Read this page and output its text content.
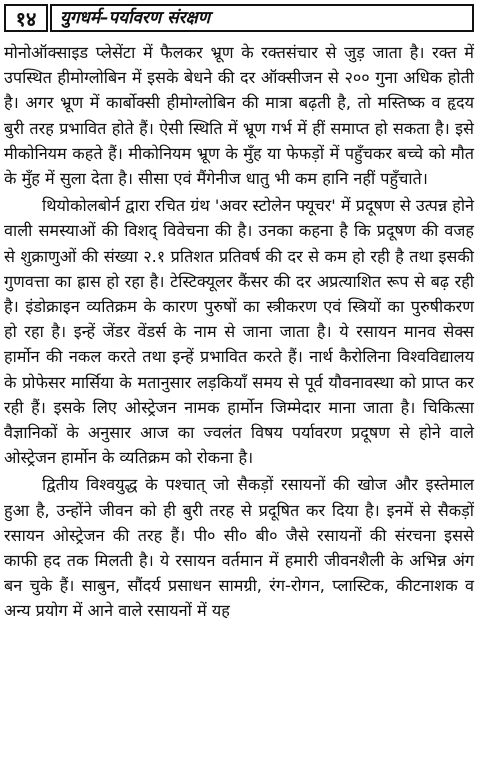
१४	युगधर्म–पर्यावरण संरक्षण

मोनोऑक्साइड प्लेसेंटा में फैलकर भ्रूण के रक्तसंचार से जुड़ जाता है। रक्त में उपस्थित हीमोग्लोबिन में इसके बेधने की दर ऑक्सीजन से २०० गुना अधिक होती है। अगर भ्रूण में कार्बोक्सी हीमोग्लोबिन की मात्रा बढ़ती है, तो मस्तिष्क व हृदय बुरी तरह प्रभावित होते हैं। ऐसी स्थिति में भ्रूण गर्भ में हीं समाप्त हो सकता है। इसे मीकोनियम कहते हैं। मीकोनियम भ्रूण के मुँह या फेफड़ों में पहुँचकर बच्चे को मौत के मुँह में सुला देता है। सीसा एवं मैंगेनीज धातु भी कम हानि नहीं पहुँचाते।

थियोकोलबोर्न द्वारा रचित ग्रंथ 'अवर स्टोलेन फ्यूचर' में प्रदूषण से उत्पन्न होने वाली समस्याओं की विशद् विवेचना की है। उनका कहना है कि प्रदूषण की वजह से शुक्राणुओं की संख्या २.१ प्रतिशत प्रतिवर्ष की दर से कम हो रही है तथा इसकी गुणवत्ता का ह्रास हो रहा है। टेस्टिक्यूलर कैंसर की दर अप्रत्याशित रूप से बढ़ रही है। इंडोक्राइन व्यतिक्रम के कारण पुरुषों का स्त्रीकरण एवं स्त्रियों का पुरुषीकरण हो रहा है। इन्हें जेंडर वेंडर्स के नाम से जाना जाता है। ये रसायन मानव सेक्स हार्मोन की नकल करते तथा इन्हें प्रभावित करते हैं। नार्थ कैरोलिना विश्वविद्यालय के प्रोफेसर मार्सिया के मतानुसार लड़कियाँ समय से पूर्व यौवनावस्था को प्राप्त कर रही हैं। इसके लिए ओस्ट्रेजन नामक हार्मोन जिम्मेदार माना जाता है। चिकित्सा वैज्ञानिकों के अनुसार आज का ज्वलंत विषय पर्यावरण प्रदूषण से होने वाले ओस्ट्रेजन हार्मोन के व्यतिक्रम को रोकना है।

द्वितीय विश्वयुद्ध के पश्चात् जो सैकड़ों रसायनों की खोज और इस्तेमाल हुआ है, उन्होंने जीवन को ही बुरी तरह से प्रदूषित कर दिया है। इनमें से सैकड़ों रसायन ओस्ट्रेजन की तरह हैं। पी० सी० बी० जैसे रसायनों की संरचना इससे काफी हद तक मिलती है। ये रसायन वर्तमान में हमारी जीवनशैली के अभिन्न अंग बन चुके हैं। साबुन, सौंदर्य प्रसाधन सामग्री, रंग-रोगन, प्लास्टिक, कीटनाशक व अन्य प्रयोग में आने वाले रसायनों में यह
